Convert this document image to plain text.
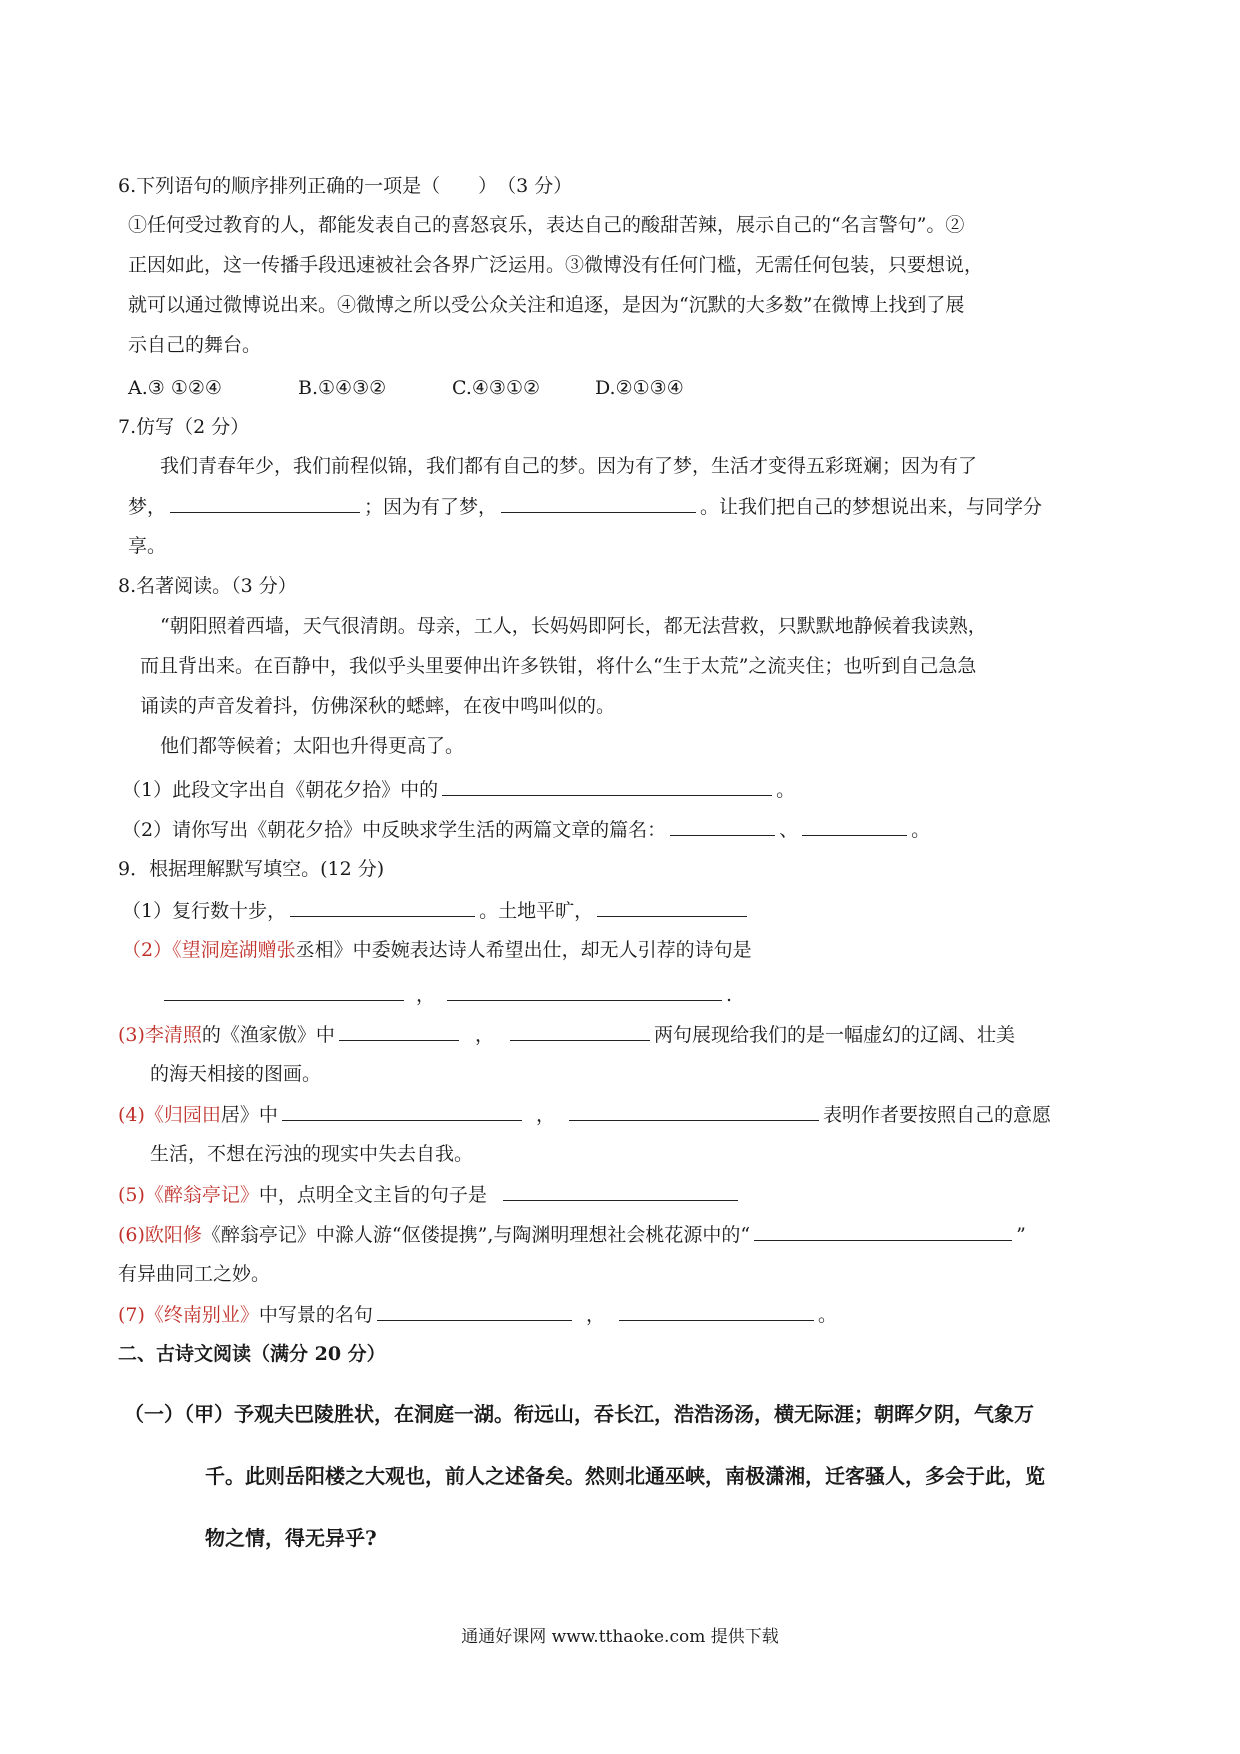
6.下列语句的顺序排列正确的一项是（　　）　（3 分）
①任何受过教育的人，都能发表自己的喜怒哀乐，表达自己的酸甜苦辣，展示自己的“名言警句”。②
正因如此，这一传播手段迅速被社会各界广泛运用。③微博没有任何门槛，无需任何包装，只要想说，
就可以通过微博说出来。④微博之所以受公众关注和追逐，是因为“沉默的大多数”在微博上找到了展
示自己的舞台。
A.③ ①②④	B.①④③②	C.④③①②	D.②①③④
7.仿写（2 分）
我们青春年少，我们前程似锦，我们都有自己的梦。因为有了梦，生活才变得五彩斑斓；因为有了
梦，	；因为有了梦，	。让我们把自己的梦想说出来，与同学分
享。
8.名著阅读。（3 分）
“朝阳照着西墙，天气很清朗。母亲，工人，长妈妈即阿长，都无法营救，只默默地静候着我读熟，
而且背出来。在百静中，我似乎头里要伸出许多铁钳，将什么“生于太荒”之流夹住；也听到自己急急
诵读的声音发着抖，仿佛深秋的蟋蟀，在夜中鸣叫似的。
他们都等候着；太阳也升得更高了。
（1）此段文字出自《朝花夕拾》中的	。
（2）请你写出《朝花夕拾》中反映求学生活的两篇文章的篇名：	、	。
9．根据理解默写填空。(12 分)
（1）复行数十步，	。土地平旷，
（2）《望洞庭湖赠张丞相》中委婉表达诗人希望出仕，却无人引荐的诗句是
，	.
(3)李清照的《渔家傲》中	，	两句展现给我们的是一幅虚幻的辽阔、壮美
的海天相接的图画。
(4)《归园田居》中	，	表明作者要按照自己的意愿
生活，不想在污浊的现实中失去自我。
(5)《醉翁亭记》中，点明全文主旨的句子是
(6)欧阳修《醉翁亭记》中滁人游“伛偻提携”,与陶渊明理想社会桃花源中的“	”
有异曲同工之妙。
(7)《终南别业》中写景的名句	，	。
二、古诗文阅读（满分 20 分）
（一）（甲）予观夫巴陵胜状，在洞庭一湖。衔远山，吞长江，浩浩汤汤，横无际涯；朝晖夕阴，气象万
千。此则岳阳楼之大观也，前人之述备矣。然则北通巫峡，南极潇湘，迁客骚人，多会于此，览
物之情，得无异乎?
通通好课网 www.tthaoke.com 提供下载
